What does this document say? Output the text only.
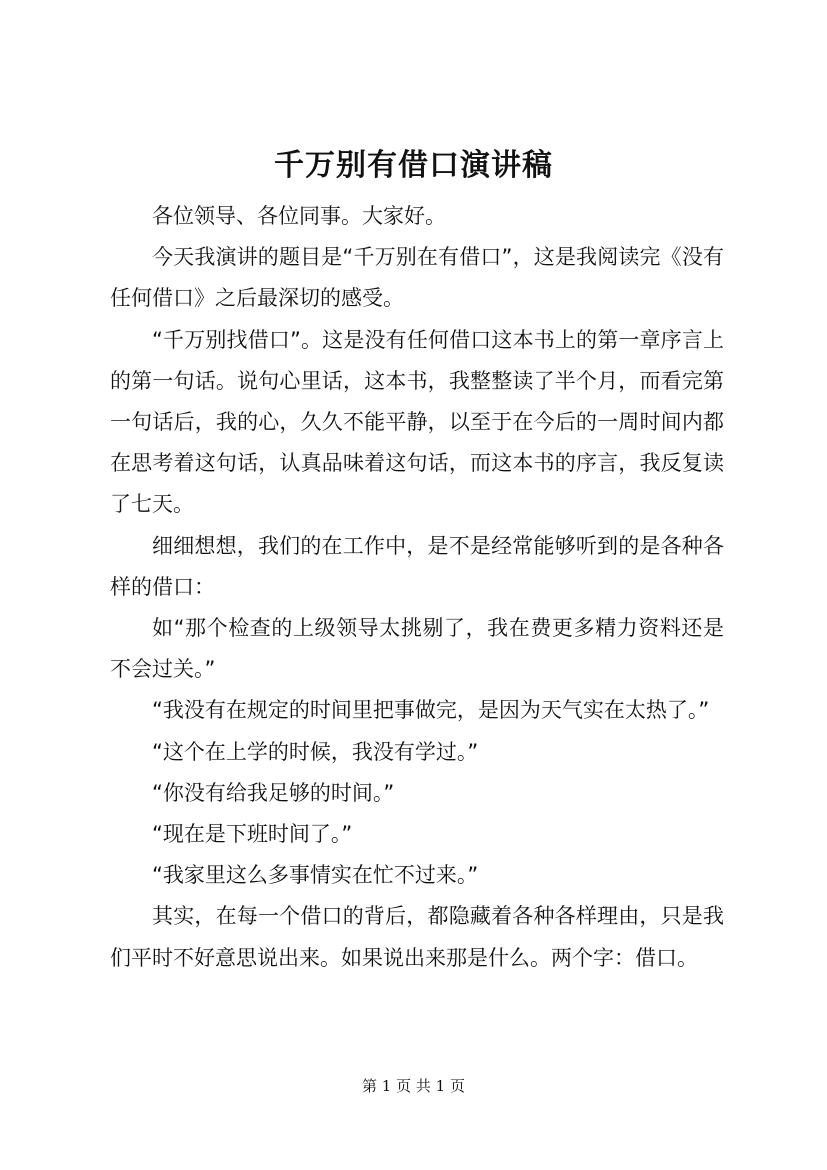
千万别有借口演讲稿

各位领导、各位同事。大家好。

今天我演讲的题目是“千万别在有借口”，这是我阅读完《没有任何借口》之后最深切的感受。

“千万别找借口”。这是没有任何借口这本书上的第一章序言上的第一句话。说句心里话，这本书，我整整读了半个月，而看完第一句话后，我的心，久久不能平静，以至于在今后的一周时间内都在思考着这句话，认真品味着这句话，而这本书的序言，我反复读了七天。

细细想想，我们的在工作中，是不是经常能够听到的是各种各样的借口：

如“那个检查的上级领导太挑剔了，我在费更多精力资料还是不会过关。”

“我没有在规定的时间里把事做完，是因为天气实在太热了。”

“这个在上学的时候，我没有学过。”

“你没有给我足够的时间。”

“现在是下班时间了。”

“我家里这么多事情实在忙不过来。”

其实，在每一个借口的背后，都隐藏着各种各样理由，只是我们平时不好意思说出来。如果说出来那是什么。两个字：借口。

第 1 页 共 1 页
